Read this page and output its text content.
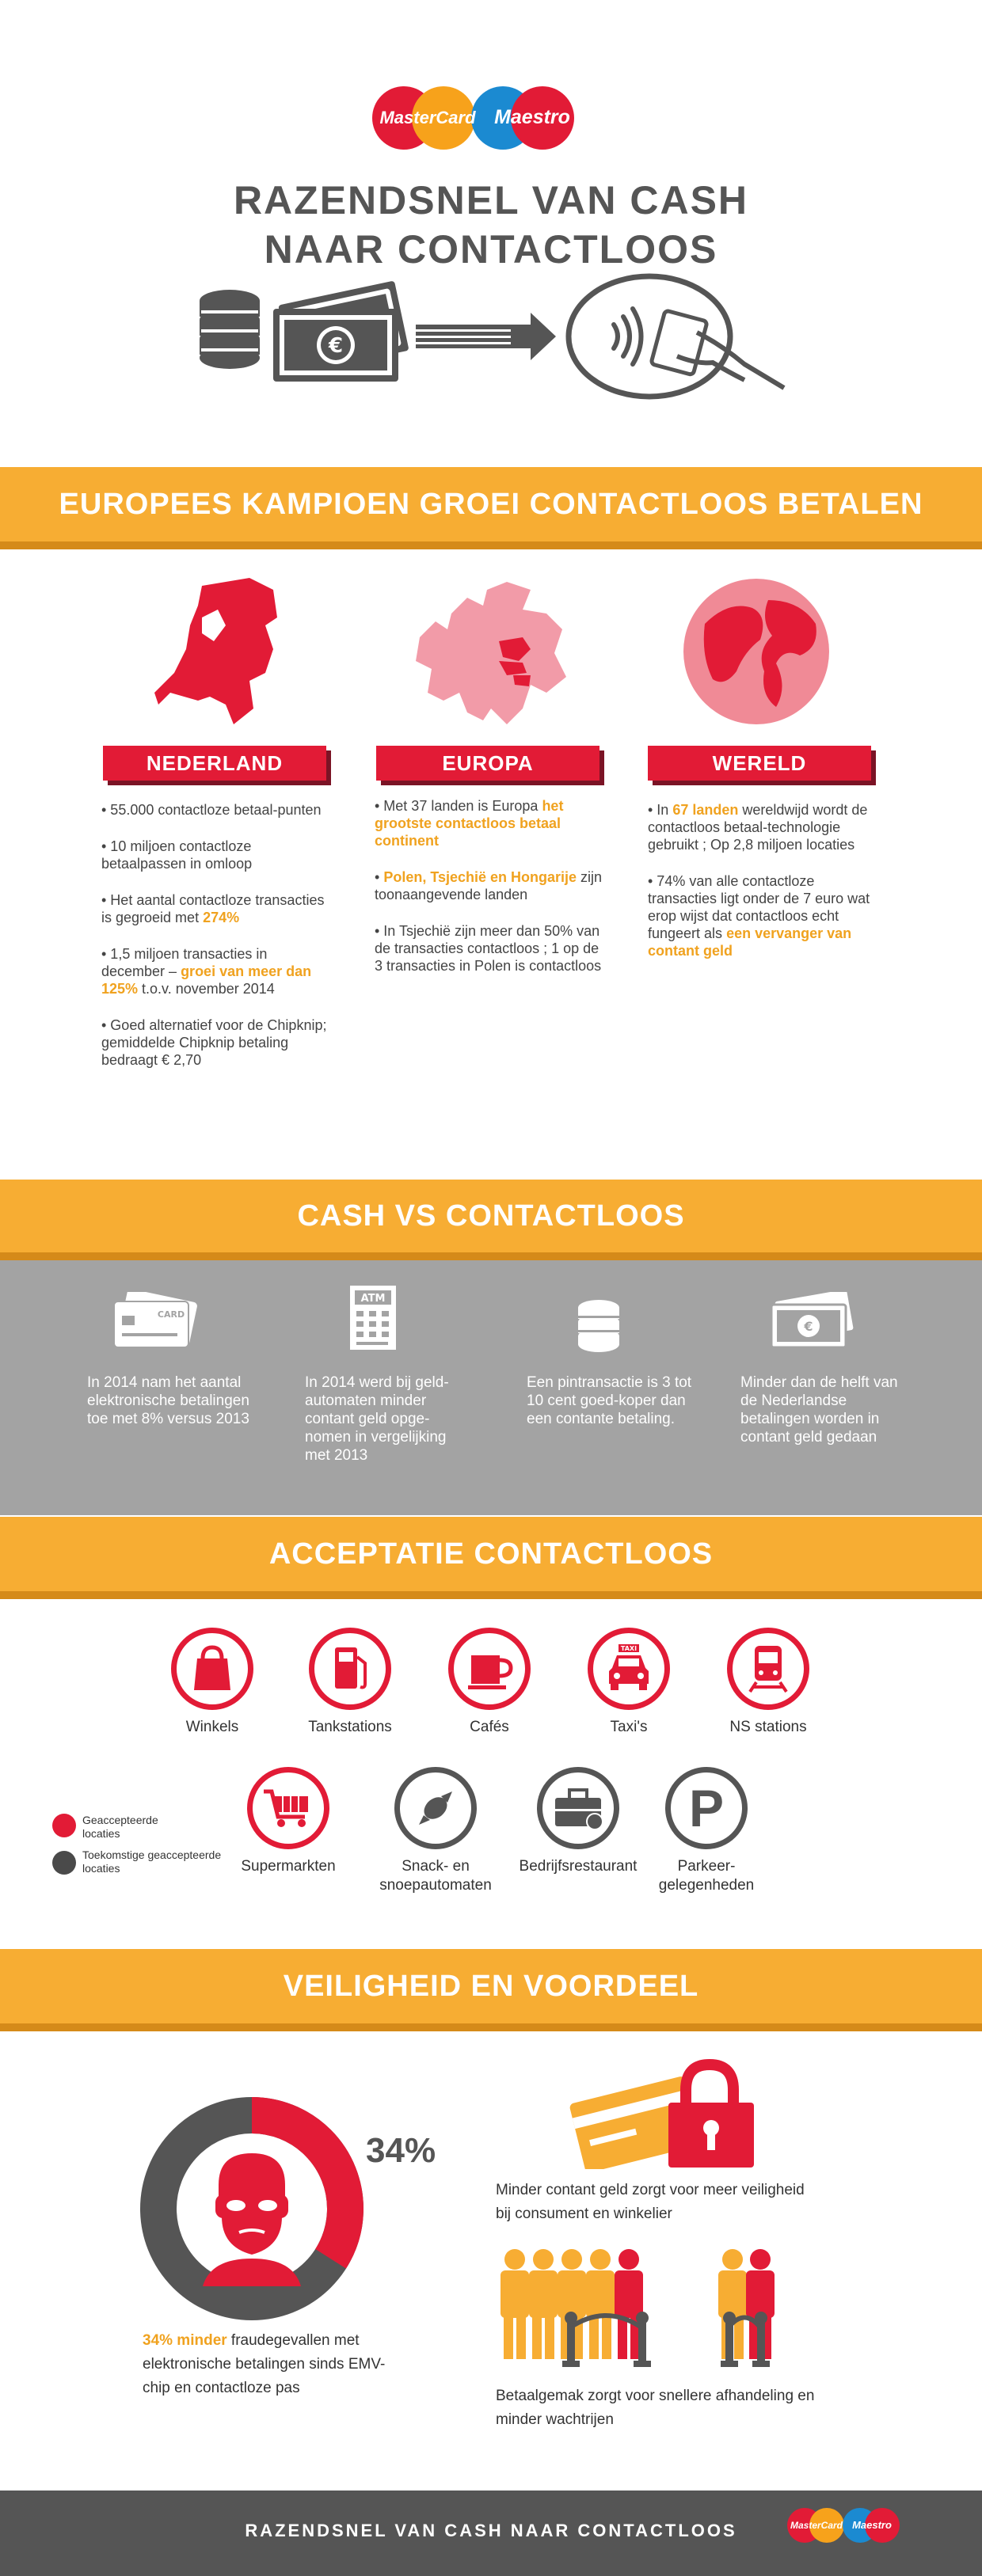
MasterCard Maestro
RAZENDSNEL VAN CASH
NAAR CONTACTLOOS
€
EUROPEES KAMPIOEN GROEI CONTACTLOOS BETALEN
NEDERLAND	EUROPA	WERELD

• 55.000 contactloze betaal-punten

• 10 miljoen contactloze betaalpassen in omloop

• Het aantal contactloze transacties is gegroeid met 274%

• 1,5 miljoen transacties in december – groei van meer dan 125% t.o.v. november 2014

• Goed alternatief voor de Chipknip; gemiddelde Chipknip betaling bedraagt € 2,70

• Met 37 landen is Europa het grootste contactloos betaal continent

• Polen, Tsjechië en Hongarije zijn toonaangevende landen

• In Tsjechië zijn meer dan 50% van de transacties contactloos ; 1 op de 3 transacties in Polen is contactloos

• In 67 landen wereldwijd wordt de contactloos betaal-technologie gebruikt ; Op 2,8 miljoen locaties

• 74% van alle contactloze transacties ligt onder de 7 euro wat erop wijst dat contactloos echt fungeert als een vervanger van contant geld

CASH VS CONTACTLOOS
CARD
ATM
€
In 2014 nam het aantal elektronische betalingen toe met 8% versus 2013
In 2014 werd bij geld-automaten minder contant geld opge-nomen in vergelijking met 2013
Een pintransactie is 3 tot 10 cent goed-koper dan een contante betaling.
Minder dan de helft van de Nederlandse betalingen worden in contant geld gedaan
ACCEPTATIE CONTACTLOOS
TAXI
Winkels	Tankstations	Cafés	Taxi's	NS stations
P
Supermarkten	Snack- en snoepautomaten
Bedrijfsrestaurant	Parkeer-gelegenheden
Geaccepteerde locaties
Toekomstige geaccepteerde locaties
VEILIGHEID EN VOORDEEL
34%
34% minder fraudegevallen met elektronische betalingen sinds EMV-chip en contactloze pas
Minder contant geld zorgt voor meer veiligheid bij consument en winkelier
Betaalgemak zorgt voor snellere afhandeling en minder wachtrijen
RAZENDSNEL VAN CASH NAAR CONTACTLOOS	MasterCard Maestro
